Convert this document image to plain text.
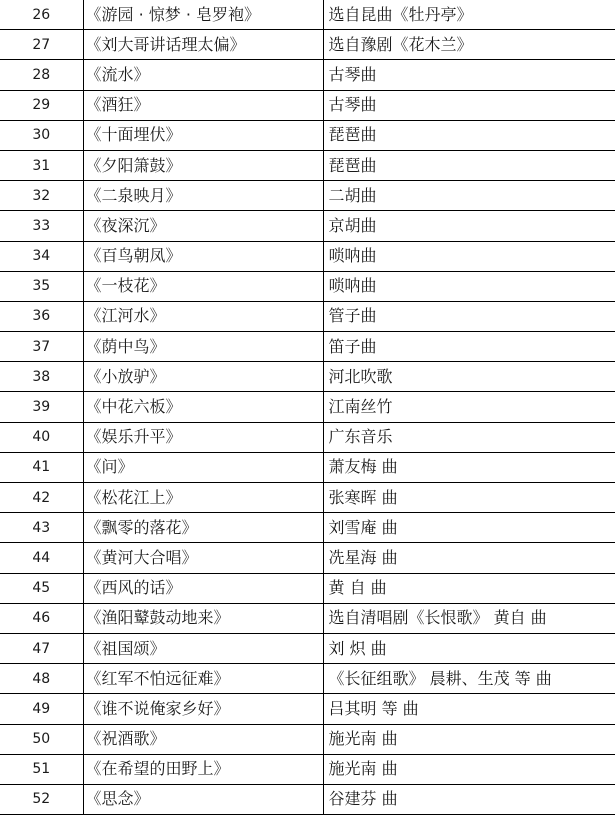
26	《游园 · 惊梦 · 皂罗袍》	选自昆曲《牡丹亭》
27	《刘大哥讲话理太偏》	选自豫剧《花木兰》
28	《流水》	古琴曲
29	《酒狂》	古琴曲
30	《十面埋伏》	琵琶曲
31	《夕阳箫鼓》	琵琶曲
32	《二泉映月》	二胡曲
33	《夜深沉》	京胡曲
34	《百鸟朝凤》	唢呐曲
35	《一枝花》	唢呐曲
36	《江河水》	管子曲
37	《荫中鸟》	笛子曲
38	《小放驴》	河北吹歌
39	《中花六板》	江南丝竹
40	《娱乐升平》	广东音乐
41	《问》	萧友梅 曲
42	《松花江上》	张寒晖 曲
43	《飘零的落花》	刘雪庵 曲
44	《黄河大合唱》	冼星海 曲
45	《西风的话》	黄 自 曲
46	《渔阳鼙鼓动地来》	选自清唱剧《长恨歌》 黄自 曲
47	《祖国颂》	刘 炽 曲
48	《红军不怕远征难》	《长征组歌》 晨耕、生茂 等 曲
49	《谁不说俺家乡好》	吕其明 等 曲
50	《祝酒歌》	施光南 曲
51	《在希望的田野上》	施光南 曲
52	《思念》	谷建芬 曲
